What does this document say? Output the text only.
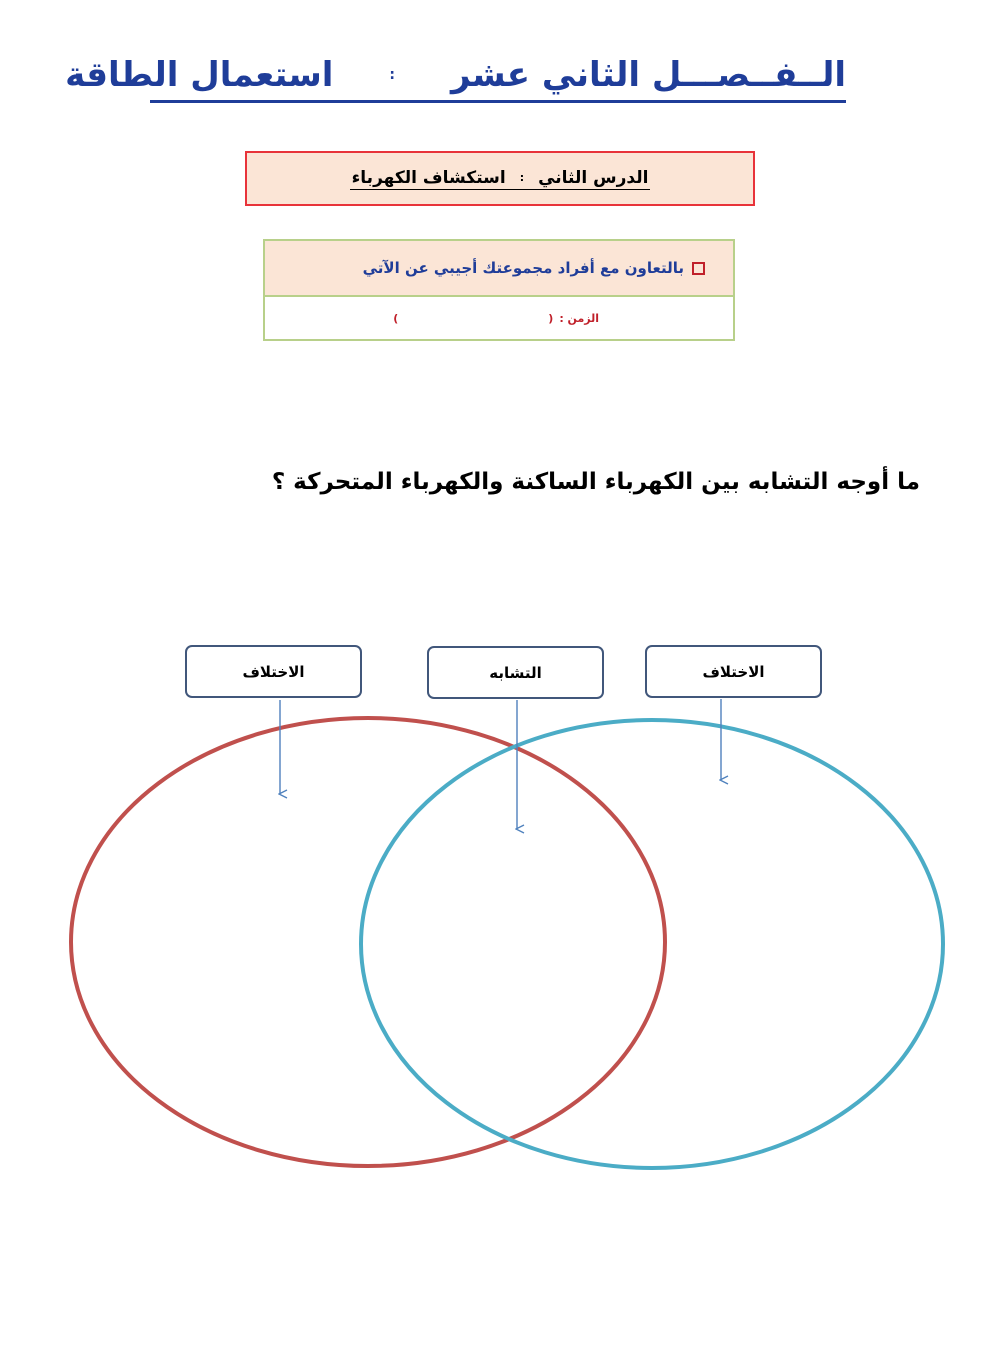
الــفــصـــل الثاني عشر
:
استعمال الطاقة
الدرس الثاني
:
استكشاف الكهرباء
بالتعاون مع أفراد مجموعتك أجيبي عن الآتي
الزمن :
(
)
ما أوجه التشابه بين الكهرباء الساكنة والكهرباء المتحركة ؟
الاختلاف	التشابه	الاختلاف
